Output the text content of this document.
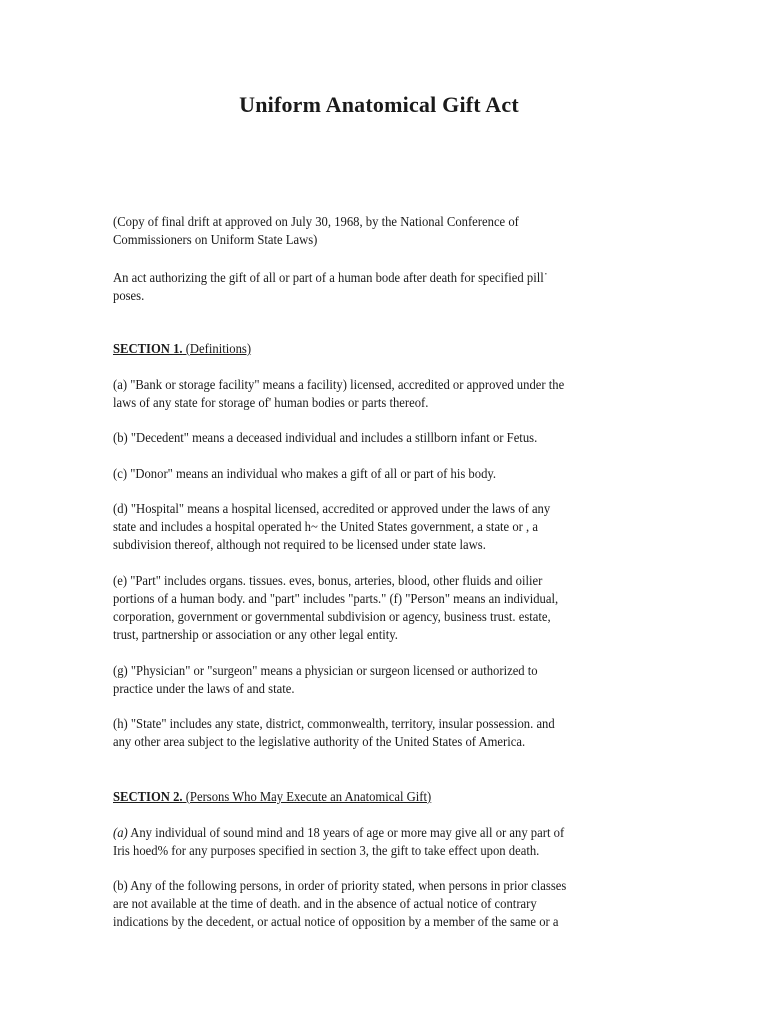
Uniform Anatomical Gift Act

(Copy of final drift at approved on July 30, 1968, by the National Conference of
Commissioners on Uniform State Laws)

An act authorizing the gift of all or part of a human bode after death for specified pill˙
poses.

SECTION 1. (Definitions)

(a) "Bank or storage facility" means a facility) licensed, accredited or approved under the
laws of any state for storage of' human bodies or parts thereof.

(b) "Decedent" means a deceased individual and includes a stillborn infant or Fetus.

(c) "Donor" means an individual who makes a gift of all or part of his body.

(d) "Hospital" means a hospital licensed, accredited or approved under the laws of any
state and includes a hospital operated h~ the United States government, a state or , a
subdivision thereof, although not required to be licensed under state laws.

(e) "Part" includes organs. tissues. eves, bonus, arteries, blood, other fluids and oilier
portions of a human body. and "part" includes "parts." (f) "Person" means an individual,
corporation, government or governmental subdivision or agency, business trust. estate,
trust, partnership or association or any other legal entity.

(g) "Physician" or "surgeon" means a physician or surgeon licensed or authorized to
practice under the laws of and state.

(h) "State" includes any state, district, commonwealth, territory, insular possession. and
any other area subject to the legislative authority of the United States of America.

SECTION 2. (Persons Who May Execute an Anatomical Gift)

(a) Any individual of sound mind and 18 years of age or more may give all or any part of
Iris hoed% for any purposes specified in section 3, the gift to take effect upon death.

(b) Any of the following persons, in order of priority stated, when persons in prior classes
are not available at the time of death. and in the absence of actual notice of contrary
indications by the decedent, or actual notice of opposition by a member of the same or a
